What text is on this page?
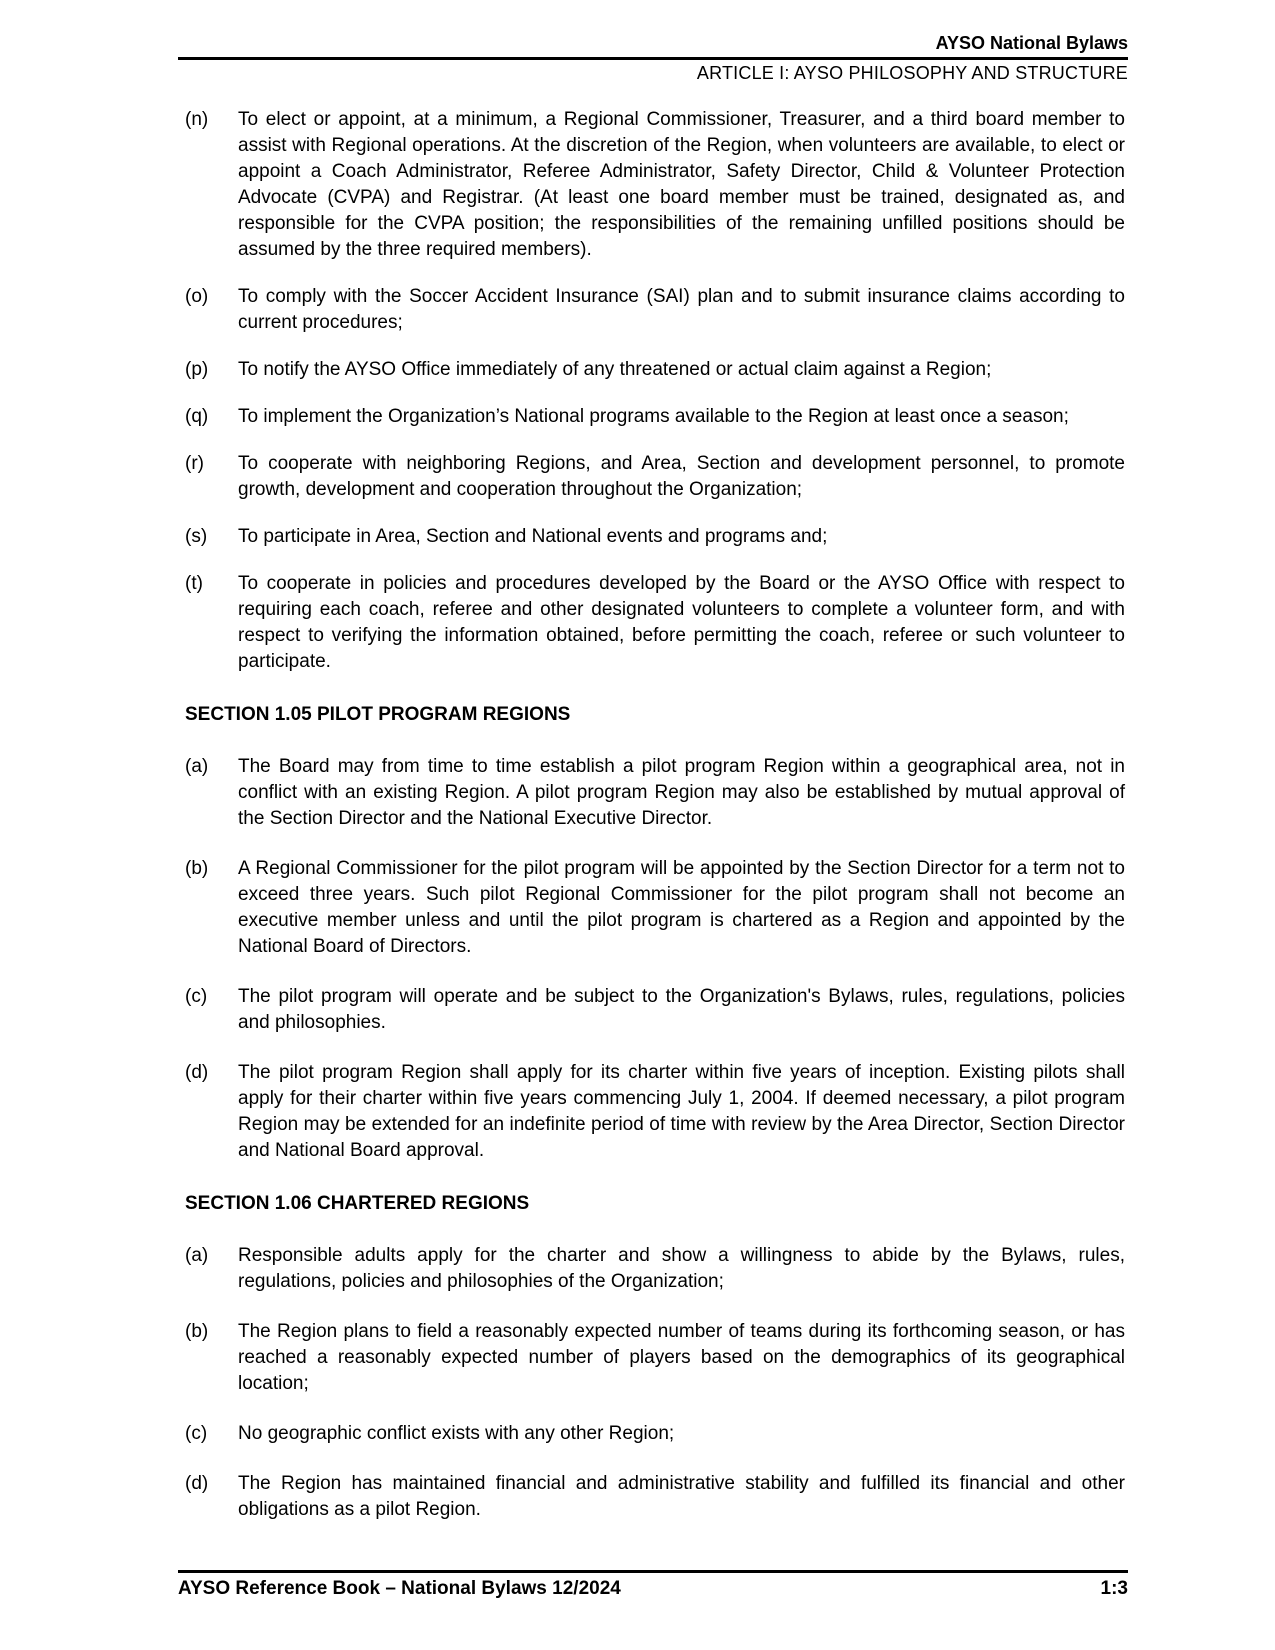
AYSO National Bylaws
ARTICLE I: AYSO PHILOSOPHY AND STRUCTURE
(n)	To elect or appoint, at a minimum, a Regional Commissioner, Treasurer, and a third board member to assist with Regional operations. At the discretion of the Region, when volunteers are available, to elect or appoint a Coach Administrator, Referee Administrator, Safety Director, Child & Volunteer Protection Advocate (CVPA) and Registrar. (At least one board member must be trained, designated as, and responsible for the CVPA position; the responsibilities of the remaining unfilled positions should be assumed by the three required members).
(o)	To comply with the Soccer Accident Insurance (SAI) plan and to submit insurance claims according to current procedures;
(p)	To notify the AYSO Office immediately of any threatened or actual claim against a Region;
(q)	To implement the Organization’s National programs available to the Region at least once a season;
(r)	To cooperate with neighboring Regions, and Area, Section and development personnel, to promote growth, development and cooperation throughout the Organization;
(s)	To participate in Area, Section and National events and programs and;
(t)	To cooperate in policies and procedures developed by the Board or the AYSO Office with respect to requiring each coach, referee and other designated volunteers to complete a volunteer form, and with respect to verifying the information obtained, before permitting the coach, referee or such volunteer to participate.
SECTION 1.05 PILOT PROGRAM REGIONS
(a)	The Board may from time to time establish a pilot program Region within a geographical area, not in conflict with an existing Region. A pilot program Region may also be established by mutual approval of the Section Director and the National Executive Director.
(b)	A Regional Commissioner for the pilot program will be appointed by the Section Director for a term not to exceed three years. Such pilot Regional Commissioner for the pilot program shall not become an executive member unless and until the pilot program is chartered as a Region and appointed by the National Board of Directors.
(c)	The pilot program will operate and be subject to the Organization's Bylaws, rules, regulations, policies and philosophies.
(d)	The pilot program Region shall apply for its charter within five years of inception. Existing pilots shall apply for their charter within five years commencing July 1, 2004. If deemed necessary, a pilot program Region may be extended for an indefinite period of time with review by the Area Director, Section Director and National Board approval.
SECTION 1.06 CHARTERED REGIONS
(a)	Responsible adults apply for the charter and show a willingness to abide by the Bylaws, rules, regulations, policies and philosophies of the Organization;
(b)	The Region plans to field a reasonably expected number of teams during its forthcoming season, or has reached a reasonably expected number of players based on the demographics of its geographical location;
(c)	No geographic conflict exists with any other Region;
(d)	The Region has maintained financial and administrative stability and fulfilled its financial and other obligations as a pilot Region.
AYSO Reference Book – National Bylaws 12/2024	1:3
